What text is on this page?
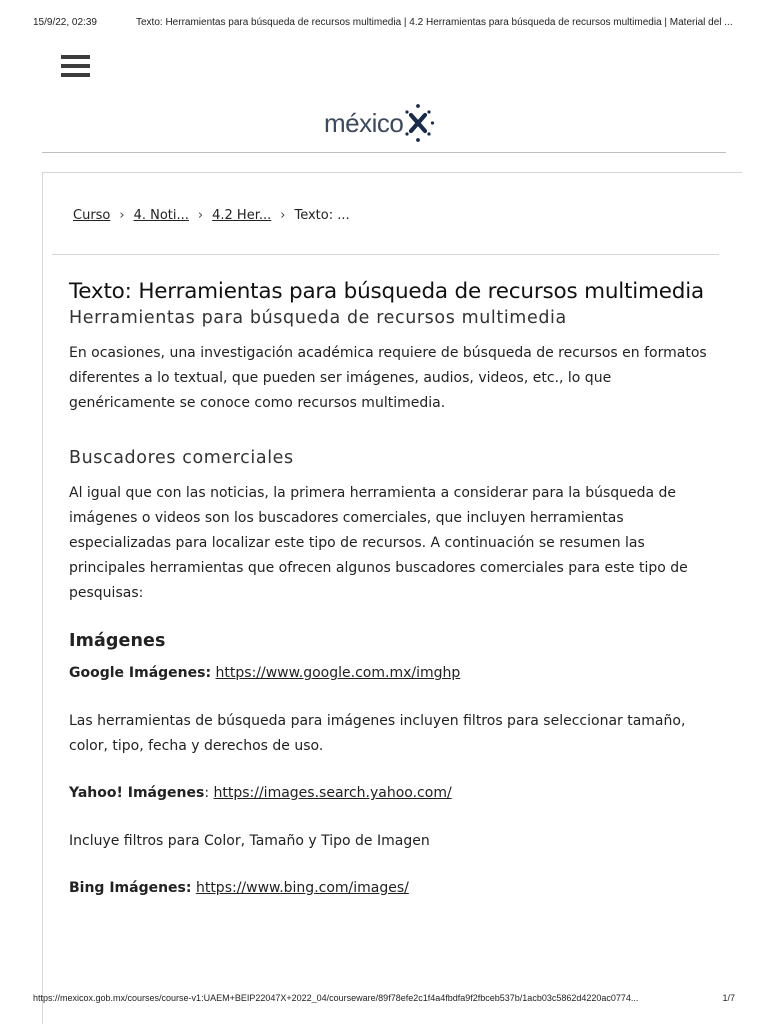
15/9/22, 02:39	Texto: Herramientas para búsqueda de recursos multimedia | 4.2 Herramientas para búsqueda de recursos multimedia | Material del ...
méxico
Curso › 4. Noti... › 4.2 Her... › Texto: ...
Texto: Herramientas para búsqueda de recursos multimedia
Herramientas para búsqueda de recursos multimedia

En ocasiones, una investigación académica requiere de búsqueda de recursos en formatos diferentes a lo textual, que pueden ser imágenes, audios, videos, etc., lo que genéricamente se conoce como recursos multimedia.

Buscadores comerciales

Al igual que con las noticias, la primera herramienta a considerar para la búsqueda de imágenes o videos son los buscadores comerciales, que incluyen herramientas especializadas para localizar este tipo de recursos. A continuación se resumen las principales herramientas que ofrecen algunos buscadores comerciales para este tipo de pesquisas:

Imágenes
Google Imágenes: https://www.google.com.mx/imghp

Las herramientas de búsqueda para imágenes incluyen filtros para seleccionar tamaño, color, tipo, fecha y derechos de uso.

Yahoo! Imágenes: https://images.search.yahoo.com/

Incluye filtros para Color, Tamaño y Tipo de Imagen

Bing Imágenes: https://www.bing.com/images/
https://mexicox.gob.mx/courses/course-v1:UAEM+BEIP22047X+2022_04/courseware/89f78efe2c1f4a4fbdfa9f2fbceb537b/1acb03c5862d4220ac0774...	1/7
